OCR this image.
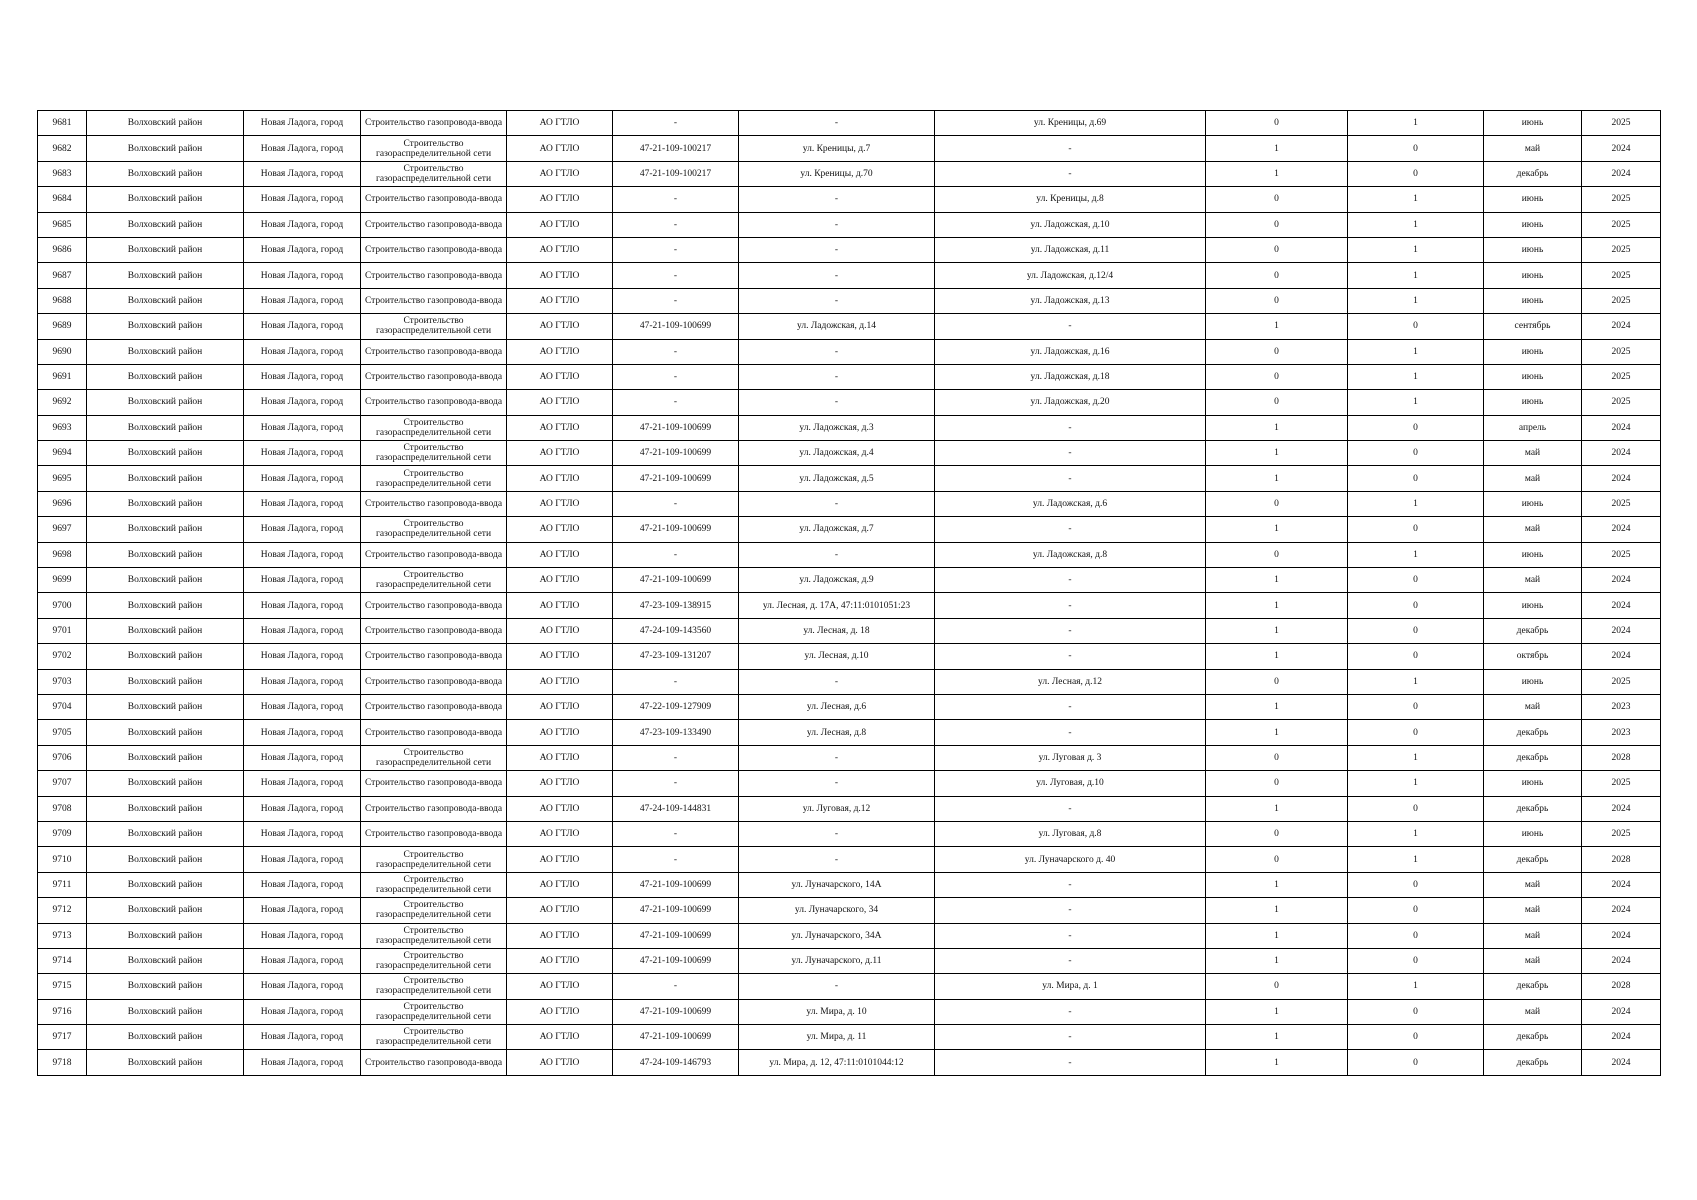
9681	Волховский район	Новая Ладога, город	Строительство газопровода-ввода	АО ГТЛО	-	-	ул. Креницы, д.69	0	1	июнь	2025
9682	Волховский район	Новая Ладога, город	Строительство газораспределительной сети	АО ГТЛО	47-21-109-100217	ул. Креницы, д.7	-	1	0	май	2024
9683	Волховский район	Новая Ладога, город	Строительство газораспределительной сети	АО ГТЛО	47-21-109-100217	ул. Креницы, д.70	-	1	0	декабрь	2024
9684	Волховский район	Новая Ладога, город	Строительство газопровода-ввода	АО ГТЛО	-	-	ул. Креницы, д.8	0	1	июнь	2025
9685	Волховский район	Новая Ладога, город	Строительство газопровода-ввода	АО ГТЛО	-	-	ул. Ладожская, д.10	0	1	июнь	2025
9686	Волховский район	Новая Ладога, город	Строительство газопровода-ввода	АО ГТЛО	-	-	ул. Ладожская, д.11	0	1	июнь	2025
9687	Волховский район	Новая Ладога, город	Строительство газопровода-ввода	АО ГТЛО	-	-	ул. Ладожская, д.12/4	0	1	июнь	2025
9688	Волховский район	Новая Ладога, город	Строительство газопровода-ввода	АО ГТЛО	-	-	ул. Ладожская, д.13	0	1	июнь	2025
9689	Волховский район	Новая Ладога, город	Строительство газораспределительной сети	АО ГТЛО	47-21-109-100699	ул. Ладожская, д.14	-	1	0	сентябрь	2024
9690	Волховский район	Новая Ладога, город	Строительство газопровода-ввода	АО ГТЛО	-	-	ул. Ладожская, д.16	0	1	июнь	2025
9691	Волховский район	Новая Ладога, город	Строительство газопровода-ввода	АО ГТЛО	-	-	ул. Ладожская, д.18	0	1	июнь	2025
9692	Волховский район	Новая Ладога, город	Строительство газопровода-ввода	АО ГТЛО	-	-	ул. Ладожская, д.20	0	1	июнь	2025
9693	Волховский район	Новая Ладога, город	Строительство газораспределительной сети	АО ГТЛО	47-21-109-100699	ул. Ладожская, д.3	-	1	0	апрель	2024
9694	Волховский район	Новая Ладога, город	Строительство газораспределительной сети	АО ГТЛО	47-21-109-100699	ул. Ладожская, д.4	-	1	0	май	2024
9695	Волховский район	Новая Ладога, город	Строительство газораспределительной сети	АО ГТЛО	47-21-109-100699	ул. Ладожская, д.5	-	1	0	май	2024
9696	Волховский район	Новая Ладога, город	Строительство газопровода-ввода	АО ГТЛО	-	-	ул. Ладожская, д.6	0	1	июнь	2025
9697	Волховский район	Новая Ладога, город	Строительство газораспределительной сети	АО ГТЛО	47-21-109-100699	ул. Ладожская, д.7	-	1	0	май	2024
9698	Волховский район	Новая Ладога, город	Строительство газопровода-ввода	АО ГТЛО	-	-	ул. Ладожская, д.8	0	1	июнь	2025
9699	Волховский район	Новая Ладога, город	Строительство газораспределительной сети	АО ГТЛО	47-21-109-100699	ул. Ладожская, д.9	-	1	0	май	2024
9700	Волховский район	Новая Ладога, город	Строительство газопровода-ввода	АО ГТЛО	47-23-109-138915	ул. Лесная, д. 17А, 47:11:0101051:23	-	1	0	июнь	2024
9701	Волховский район	Новая Ладога, город	Строительство газопровода-ввода	АО ГТЛО	47-24-109-143560	ул. Лесная, д. 18	-	1	0	декабрь	2024
9702	Волховский район	Новая Ладога, город	Строительство газопровода-ввода	АО ГТЛО	47-23-109-131207	ул. Лесная, д.10	-	1	0	октябрь	2024
9703	Волховский район	Новая Ладога, город	Строительство газопровода-ввода	АО ГТЛО	-	-	ул. Лесная, д.12	0	1	июнь	2025
9704	Волховский район	Новая Ладога, город	Строительство газопровода-ввода	АО ГТЛО	47-22-109-127909	ул. Лесная, д.6	-	1	0	май	2023
9705	Волховский район	Новая Ладога, город	Строительство газопровода-ввода	АО ГТЛО	47-23-109-133490	ул. Лесная, д.8	-	1	0	декабрь	2023
9706	Волховский район	Новая Ладога, город	Строительство газораспределительной сети	АО ГТЛО	-	-	ул. Луговая д. 3	0	1	декабрь	2028
9707	Волховский район	Новая Ладога, город	Строительство газопровода-ввода	АО ГТЛО	-	-	ул. Луговая, д.10	0	1	июнь	2025
9708	Волховский район	Новая Ладога, город	Строительство газопровода-ввода	АО ГТЛО	47-24-109-144831	ул. Луговая, д.12	-	1	0	декабрь	2024
9709	Волховский район	Новая Ладога, город	Строительство газопровода-ввода	АО ГТЛО	-	-	ул. Луговая, д.8	0	1	июнь	2025
9710	Волховский район	Новая Ладога, город	Строительство газораспределительной сети	АО ГТЛО	-	-	ул. Луначарского д. 40	0	1	декабрь	2028
9711	Волховский район	Новая Ладога, город	Строительство газораспределительной сети	АО ГТЛО	47-21-109-100699	ул. Луначарского, 14А	-	1	0	май	2024
9712	Волховский район	Новая Ладога, город	Строительство газораспределительной сети	АО ГТЛО	47-21-109-100699	ул. Луначарского, 34	-	1	0	май	2024
9713	Волховский район	Новая Ладога, город	Строительство газораспределительной сети	АО ГТЛО	47-21-109-100699	ул. Луначарского, 34А	-	1	0	май	2024
9714	Волховский район	Новая Ладога, город	Строительство газораспределительной сети	АО ГТЛО	47-21-109-100699	ул. Луначарского, д.11	-	1	0	май	2024
9715	Волховский район	Новая Ладога, город	Строительство газораспределительной сети	АО ГТЛО	-	-	ул. Мира, д. 1	0	1	декабрь	2028
9716	Волховский район	Новая Ладога, город	Строительство газораспределительной сети	АО ГТЛО	47-21-109-100699	ул. Мира, д. 10	-	1	0	май	2024
9717	Волховский район	Новая Ладога, город	Строительство газораспределительной сети	АО ГТЛО	47-21-109-100699	ул. Мира, д. 11	-	1	0	декабрь	2024
9718	Волховский район	Новая Ладога, город	Строительство газопровода-ввода	АО ГТЛО	47-24-109-146793	ул. Мира, д. 12, 47:11:0101044:12	-	1	0	декабрь	2024
